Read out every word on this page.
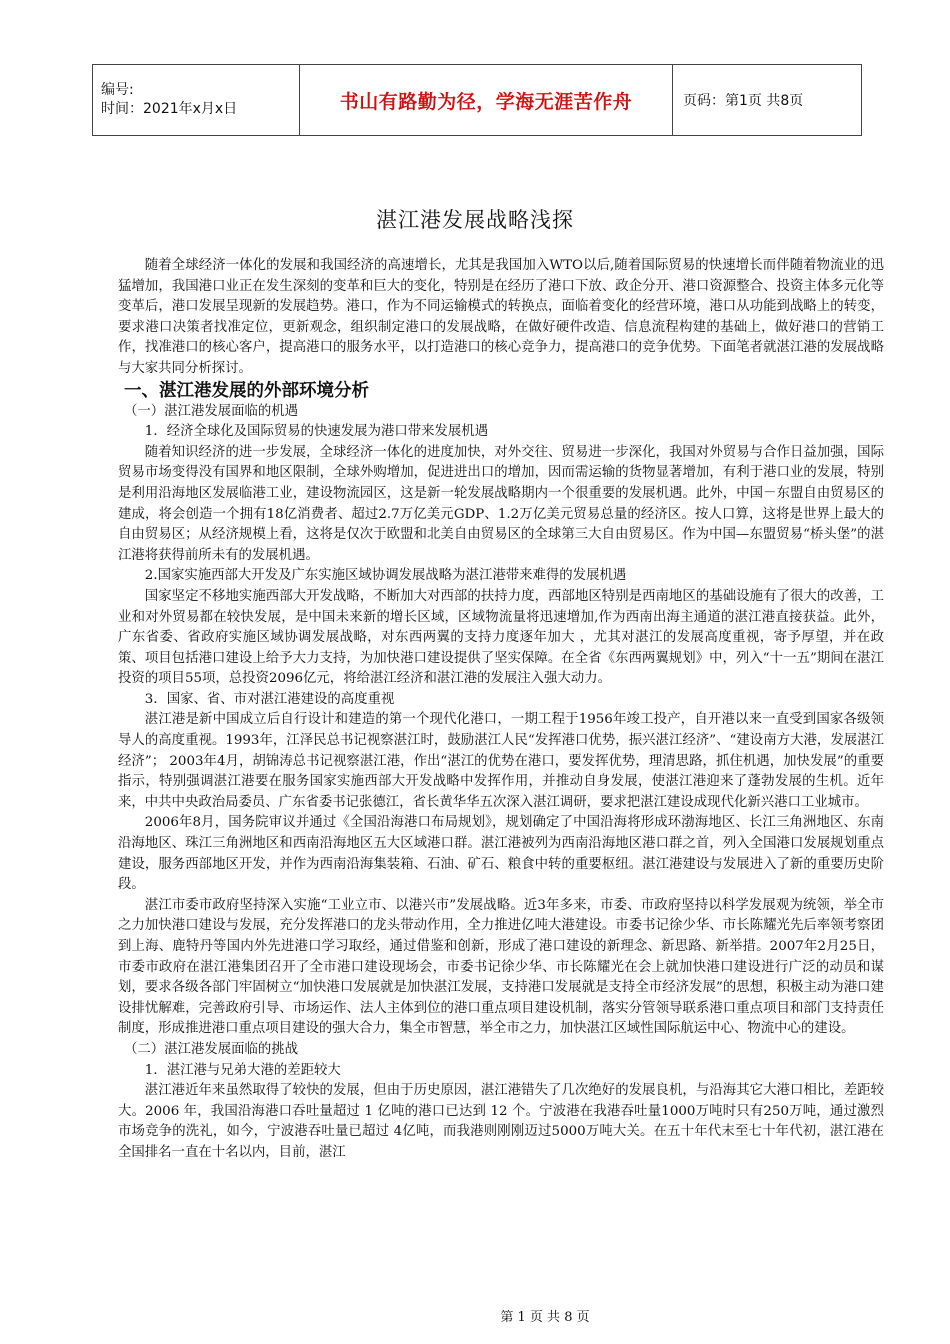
编号:
时间：2021年x月x日	书山有路勤为径，学海无涯苦作舟	页码：第1页 共8页
湛江港发展战略浅探

随着全球经济一体化的发展和我国经济的高速增长，尤其是我国加入WTO以后,随着国际贸易的快速增长而伴随着物流业的迅猛增加，我国港口业正在发生深刻的变革和巨大的变化，特别是在经历了港口下放、政企分开、港口资源整合、投资主体多元化等变革后，港口发展呈现新的发展趋势。港口，作为不同运输模式的转换点，面临着变化的经营环境，港口从功能到战略上的转变，要求港口决策者找准定位，更新观念，组织制定港口的发展战略，在做好硬件改造、信息流程构建的基础上，做好港口的营销工作，找准港口的核心客户，提高港口的服务水平，以打造港口的核心竞争力，提高港口的竞争优势。下面笔者就湛江港的发展战略与大家共同分析探讨。

一、湛江港发展的外部环境分析

（一）湛江港发展面临的机遇

1．经济全球化及国际贸易的快速发展为港口带来发展机遇

随着知识经济的进一步发展，全球经济一体化的进度加快，对外交往、贸易进一步深化，我国对外贸易与合作日益加强，国际贸易市场变得没有国界和地区限制，全球外购增加，促进进出口的增加，因而需运输的货物显著增加，有利于港口业的发展，特别是利用沿海地区发展临港工业，建设物流园区，这是新一轮发展战略期内一个很重要的发展机遇。此外，中国－东盟自由贸易区的建成，将会创造一个拥有18亿消费者、超过2.7万亿美元GDP、1.2万亿美元贸易总量的经济区。按人口算，这将是世界上最大的自由贸易区；从经济规模上看，这将是仅次于欧盟和北美自由贸易区的全球第三大自由贸易区。作为中国—东盟贸易“桥头堡”的湛江港将获得前所未有的发展机遇。

2.国家实施西部大开发及广东实施区域协调发展战略为湛江港带来难得的发展机遇

国家坚定不移地实施西部大开发战略，不断加大对西部的扶持力度，西部地区特别是西南地区的基础设施有了很大的改善，工业和对外贸易都在较快发展，是中国未来新的增长区域，区域物流量将迅速增加,作为西南出海主通道的湛江港直接获益。此外， 广东省委、省政府实施区域协调发展战略，对东西两翼的支持力度逐年加大 ，尤其对湛江的发展高度重视，寄予厚望，并在政策、项目包括港口建设上给予大力支持，为加快港口建设提供了坚实保障。在全省《东西两翼规划》中，列入“十一五”期间在湛江投资的项目55项，总投资2096亿元，将给湛江经济和湛江港的发展注入强大动力。

3．国家、省、市对湛江港建设的高度重视

湛江港是新中国成立后自行设计和建造的第一个现代化港口，一期工程于1956年竣工投产，自开港以来一直受到国家各级领导人的高度重视。1993年，江泽民总书记视察湛江时，鼓励湛江人民“发挥港口优势，振兴湛江经济”、“建设南方大港，发展湛江经济”； 2003年4月，胡锦涛总书记视察湛江港，作出“湛江的优势在港口，要发挥优势，理清思路，抓住机遇，加快发展”的重要指示，特别强调湛江港要在服务国家实施西部大开发战略中发挥作用，并推动自身发展，使湛江港迎来了蓬勃发展的生机。近年来，中共中央政治局委员、广东省委书记张德江，省长黄华华五次深入湛江调研，要求把湛江建设成现代化新兴港口工业城市。

2006年8月，国务院审议并通过《全国沿海港口布局规划》，规划确定了中国沿海将形成环渤海地区、长江三角洲地区、东南沿海地区、珠江三角洲地区和西南沿海地区五大区域港口群。湛江港被列为西南沿海地区港口群之首，列入全国港口发展规划重点建设，服务西部地区开发，并作为西南沿海集装箱、石油、矿石、粮食中转的重要枢纽。湛江港建设与发展进入了新的重要历史阶段。

湛江市委市政府坚持深入实施“工业立市、以港兴市”发展战略。近3年多来，市委、市政府坚持以科学发展观为统领，举全市之力加快港口建设与发展，充分发挥港口的龙头带动作用，全力推进亿吨大港建设。市委书记徐少华、市长陈耀光先后率领考察团到上海、鹿特丹等国内外先进港口学习取经，通过借鉴和创新，形成了港口建设的新理念、新思路、新举措。2007年2月25日，市委市政府在湛江港集团召开了全市港口建设现场会，市委书记徐少华、市长陈耀光在会上就加快港口建设进行广泛的动员和谋划，要求各级各部门牢固树立“加快港口发展就是加快湛江发展，支持港口发展就是支持全市经济发展”的思想，积极主动为港口建设排忧解难，完善政府引导、市场运作、法人主体到位的港口重点项目建设机制，落实分管领导联系港口重点项目和部门支持责任制度，形成推进港口重点项目建设的强大合力，集全市智慧，举全市之力，加快湛江区域性国际航运中心、物流中心的建设。

（二）湛江港发展面临的挑战

1．湛江港与兄弟大港的差距较大

湛江港近年来虽然取得了较快的发展，但由于历史原因，湛江港错失了几次绝好的发展良机，与沿海其它大港口相比，差距较大。2006 年，我国沿海港口吞吐量超过 1 亿吨的港口已达到 12 个。宁波港在我港吞吐量1000万吨时只有250万吨，通过激烈市场竞争的洗礼，如今，宁波港吞吐量已超过 4亿吨，而我港则刚刚迈过5000万吨大关。在五十年代末至七十年代初，湛江港在全国排名一直在十名以内，目前，湛江

第 1 页 共 8 页
